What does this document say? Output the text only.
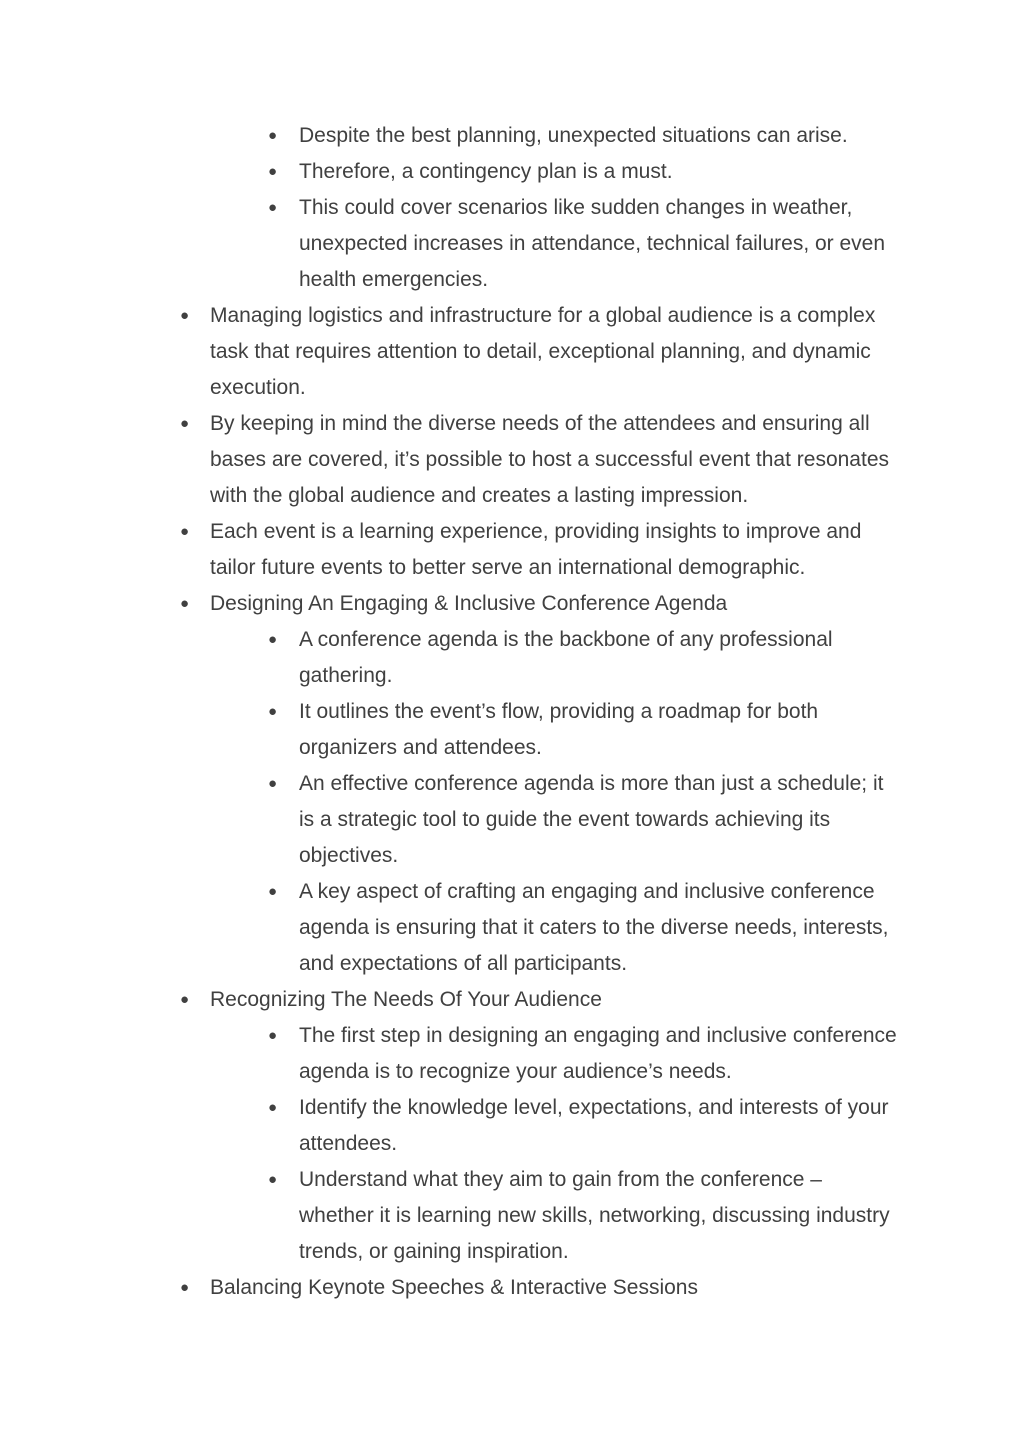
● Despite the best planning, unexpected situations can arise.
● Therefore, a contingency plan is a must.
● This could cover scenarios like sudden changes in weather, unexpected increases in attendance, technical failures, or even health emergencies.
● Managing logistics and infrastructure for a global audience is a complex task that requires attention to detail, exceptional planning, and dynamic execution.
● By keeping in mind the diverse needs of the attendees and ensuring all bases are covered, it’s possible to host a successful event that resonates with the global audience and creates a lasting impression.
● Each event is a learning experience, providing insights to improve and tailor future events to better serve an international demographic.
● Designing An Engaging & Inclusive Conference Agenda
● A conference agenda is the backbone of any professional gathering.
● It outlines the event’s flow, providing a roadmap for both organizers and attendees.
● An effective conference agenda is more than just a schedule; it is a strategic tool to guide the event towards achieving its objectives.
● A key aspect of crafting an engaging and inclusive conference agenda is ensuring that it caters to the diverse needs, interests, and expectations of all participants.
● Recognizing The Needs Of Your Audience
● The first step in designing an engaging and inclusive conference agenda is to recognize your audience’s needs.
● Identify the knowledge level, expectations, and interests of your attendees.
● Understand what they aim to gain from the conference – whether it is learning new skills, networking, discussing industry trends, or gaining inspiration.
● Balancing Keynote Speeches & Interactive Sessions
